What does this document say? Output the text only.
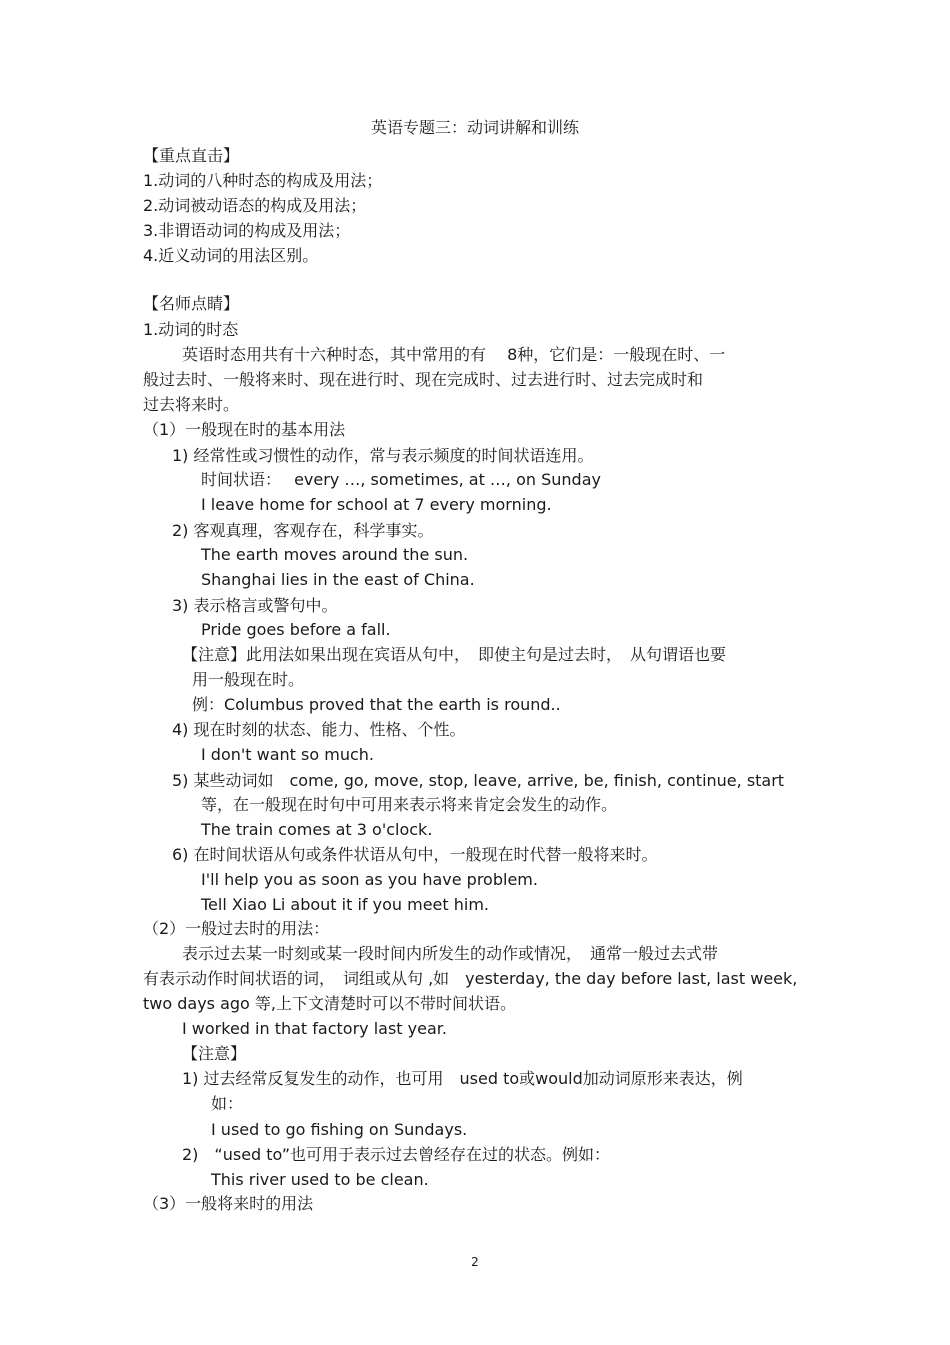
英语专题三：动词讲解和训练
【重点直击】
1.动词的八种时态的构成及用法；
2.动词被动语态的构成及用法；
3.非谓语动词的构成及用法；
4.近义动词的用法区别。
【名师点睛】
1.动词的时态
英语时态用共有十六种时态，其中常用的有　 8种，它们是：一般现在时、一
般过去时、一般将来时、现在进行时、现在完成时、过去进行时、过去完成时和
过去将来时。
（1）一般现在时的基本用法
1) 经常性或习惯性的动作，常与表示频度的时间状语连用。
时间状语：　 every …, sometimes, at …, on Sunday
I leave home for school at 7 every morning.
2) 客观真理，客观存在，科学事实。
The earth moves around the sun.
Shanghai lies in the east of China.
3) 表示格言或警句中。
Pride goes before a fall.
【注意】此用法如果出现在宾语从句中，　即使主句是过去时，　从句谓语也要
用一般现在时。
例：Columbus proved that the earth is round..
4) 现在时刻的状态、能力、性格、个性。
I don't want so much.
5) 某些动词如　come, go, move, stop, leave, arrive, be, finish, continue, start
等，在一般现在时句中可用来表示将来肯定会发生的动作。
The train comes at 3 o'clock.
6) 在时间状语从句或条件状语从句中，一般现在时代替一般将来时。
I'll help you as soon as you have problem.
Tell Xiao Li about it if you meet him.
（2）一般过去时的用法：
表示过去某一时刻或某一段时间内所发生的动作或情况，　通常一般过去式带
有表示动作时间状语的词，　词组或从句 ,如　yesterday, the day before last, last week,
two days ago 等,上下文清楚时可以不带时间状语。
I worked in that factory last year.
【注意】
1) 过去经常反复发生的动作，也可用　used to或would加动词原形来表达，例
如：
I used to go fishing on Sundays.
2)　“used to”也可用于表示过去曾经存在过的状态。例如：
This river used to be clean.
（3）一般将来时的用法
2
